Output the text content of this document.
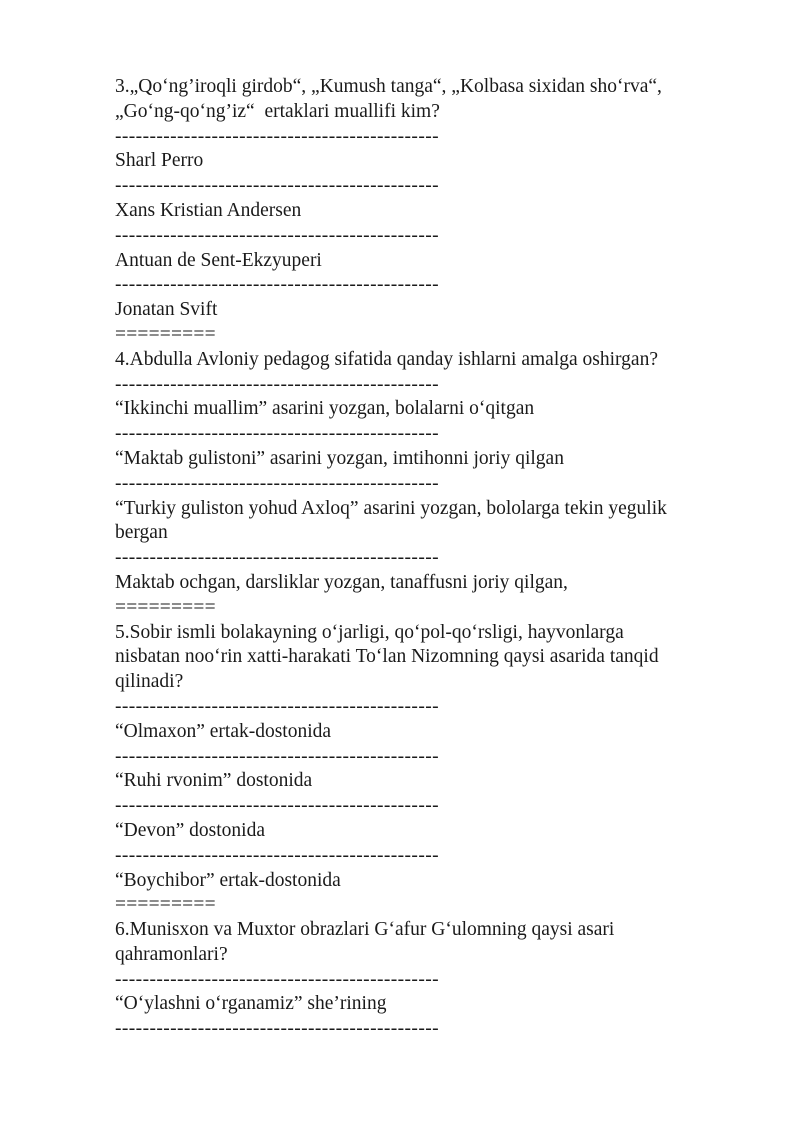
3.„Qo‘ng’iroqli girdob“, „Kumush tanga“, „Kolbasa sixidan sho‘rva“,
„Go‘ng-qo‘ng’iz“  ertaklari muallifi kim?
-----------------------------------------------
Sharl Perro
-----------------------------------------------
Xans Kristian Andersen
-----------------------------------------------
Antuan de Sent-Ekzyuperi
-----------------------------------------------
Jonatan Svift
=========
4.Abdulla Avloniy pedagog sifatida qanday ishlarni amalga oshirgan?
-----------------------------------------------
“Ikkinchi muallim” asarini yozgan, bolalarni o‘qitgan
-----------------------------------------------
“Maktab gulistoni” asarini yozgan, imtihonni joriy qilgan
-----------------------------------------------
“Turkiy guliston yohud Axloq” asarini yozgan, bololarga tekin yegulik
bergan
-----------------------------------------------
Maktab ochgan, darsliklar yozgan, tanaffusni joriy qilgan,
=========
5.Sobir ismli bolakayning o‘jarligi, qo‘pol-qo‘rsligi, hayvonlarga
nisbatan noo‘rin xatti-harakati To‘lan Nizomning qaysi asarida tanqid
qilinadi?
-----------------------------------------------
“Olmaxon” ertak-dostonida
-----------------------------------------------
“Ruhi rvonim” dostonida
-----------------------------------------------
“Devon” dostonida
-----------------------------------------------
“Boychibor” ertak-dostonida
=========
6.Munisxon va Muxtor obrazlari G‘afur G‘ulomning qaysi asari
qahramonlari?
-----------------------------------------------
“O‘ylashni o‘rganamiz” she’rining
-----------------------------------------------
